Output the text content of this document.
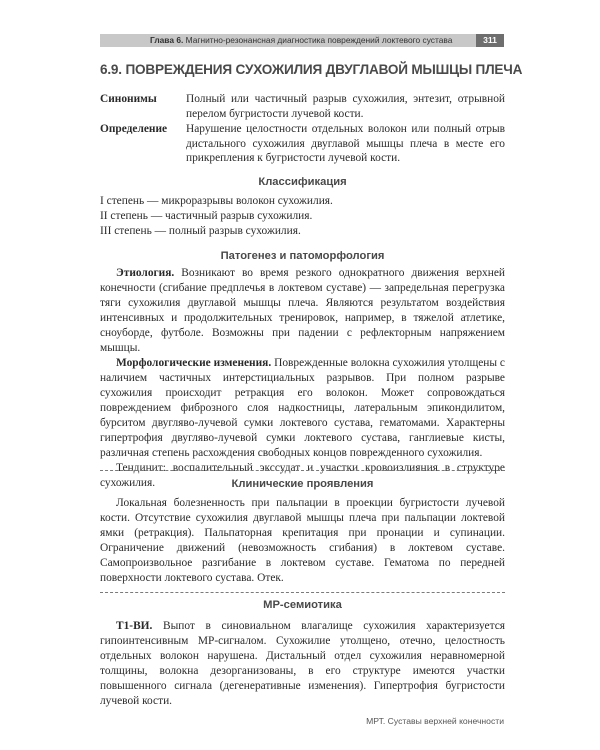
Глава 6. Магнитно-резонансная диагностика повреждений локтевого сустава	311
6.9. ПОВРЕЖДЕНИЯ СУХОЖИЛИЯ ДВУГЛАВОЙ МЫШЦЫ ПЛЕЧА
Синонимы	Полный или частичный разрыв сухожилия, энтезит, отрывной перелом бугристости лучевой кости.
Определение	Нарушение целостности отдельных волокон или полный отрыв дистального сухожилия двуглавой мышцы плеча в месте его прикрепления к бугристости лучевой кости.
Классификация

I степень — микроразрывы волокон сухожилия.

II степень — частичный разрыв сухожилия.

III степень — полный разрыв сухожилия.

Патогенез и патоморфология

Этиология. Возникают во время резкого однократного движения верхней конечности (сгибание предплечья в локтевом суставе) — запредельная перегрузка тяги сухожилия двуглавой мышцы плеча. Являются результатом воздействия интенсивных и продолжительных тренировок, например, в тяжелой атлетике, сноуборде, футболе. Возможны при падении с рефлекторным напряжением мышцы.

Морфологические изменения. Поврежденные волокна сухожилия утолщены с наличием частичных интерстициальных разрывов. При полном разрыве сухожилия происходит ретракция его волокон. Может сопровождаться повреждением фиброзного слоя надкостницы, латеральным эпикондилитом, бурситом двугляво-лучевой сумки локтевого сустава, гематомами. Характерны гипертрофия двугляво-лучевой сумки локтевого сустава, ганглиевые кисты, различная степень расхождения свободных концов поврежденного сухожилия.

Тендинит: воспалительный экссудат и участки кровоизлияния в структуре сухожилия.	Клинические проявления

Локальная болезненность при пальпации в проекции бугристости лучевой кости. Отсутствие сухожилия двуглавой мышцы плеча при пальпации локтевой ямки (ретракция). Пальпаторная крепитация при пронации и супинации. Ограничение движений (невозможность сгибания) в локтевом суставе. Самопроизвольное разгибание в локтевом суставе. Гематома по передней поверхности локтевого сустава. Отек.

МР-семиотика

Т1-ВИ. Выпот в синовиальном влагалище сухожилия характеризуется гипоинтенсивным МР-сигналом. Сухожилие утолщено, отечно, целостность отдельных волокон нарушена. Дистальный отдел сухожилия неравномерной толщины, волокна дезорганизованы, в его структуре имеются участки повышенного сигнала (дегенеративные изменения). Гипертрофия бугристости лучевой кости.

МРТ. Суставы верхней конечности
